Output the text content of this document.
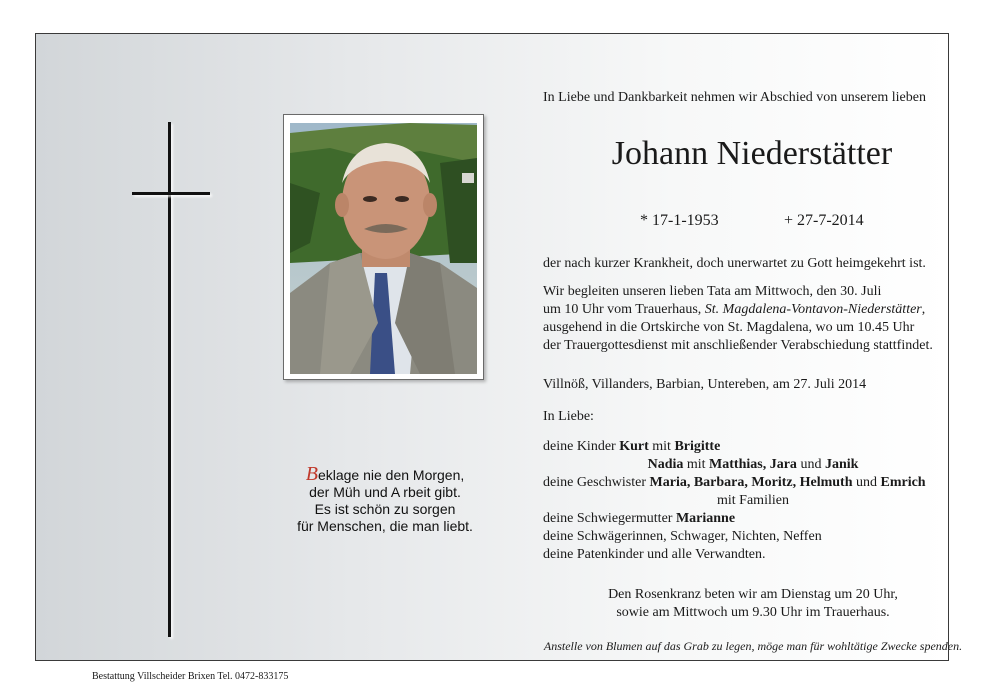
Beklage nie den Morgen,
der Müh und A rbeit gibt.
Es ist schön zu sorgen
für Menschen, die man liebt.
In Liebe und Dankbarkeit nehmen wir Abschied von unserem lieben
Johann Niederstätter
* 17-1-1953	+ 27-7-2014
der nach kurzer Krankheit, doch unerwartet zu Gott heimgekehrt ist.
Wir begleiten unseren lieben Tata am Mittwoch, den 30. Juli
um 10 Uhr vom Trauerhaus, St. Magdalena-Vontavon-Niederstätter,
ausgehend in die Ortskirche von St. Magdalena, wo um 10.45 Uhr
der Trauergottesdienst mit anschließender Verabschiedung stattfindet.
Villnöß, Villanders, Barbian, Untereben, am 27. Juli 2014
In Liebe:
deine Kinder Kurt mit Brigitte
Nadia mit Matthias, Jara und Janik
deine Geschwister Maria, Barbara, Moritz, Helmuth und Emrich
mit Familien
deine Schwiegermutter Marianne
deine Schwägerinnen, Schwager, Nichten, Neffen
deine Patenkinder und alle Verwandten.
Den Rosenkranz beten wir am Dienstag um 20 Uhr,
sowie am Mittwoch um 9.30 Uhr im Trauerhaus.
Anstelle von Blumen auf das Grab zu legen, möge man für wohltätige Zwecke spenden.
Bestattung Villscheider Brixen Tel. 0472-833175
